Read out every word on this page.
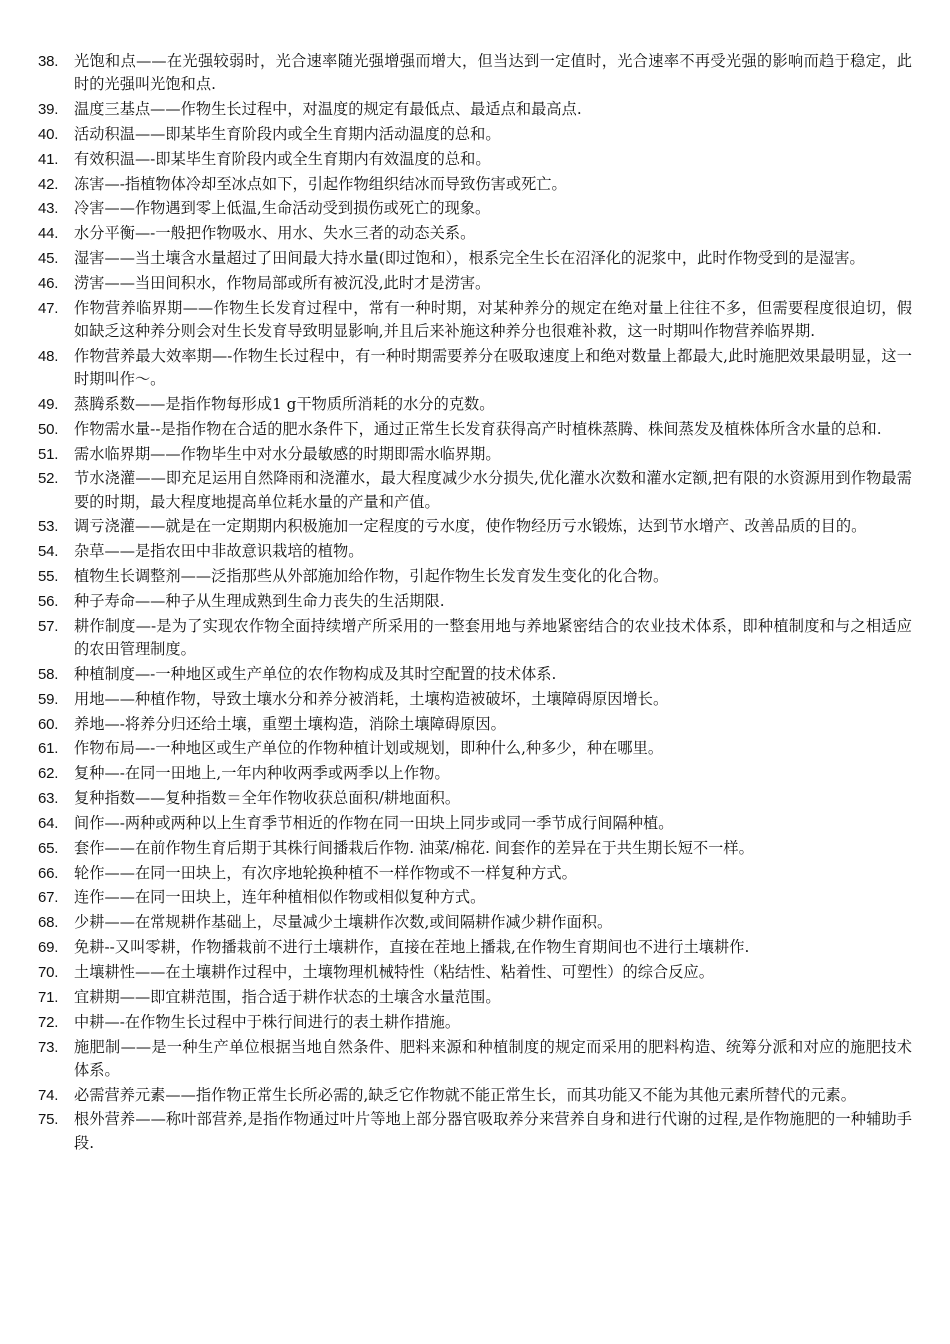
38.	光饱和点——在光强较弱时，光合速率随光强增强而增大，但当达到一定值时，光合速率不再受光强的影响而趋于稳定，此时的光强叫光饱和点.
39.	温度三基点——作物生长过程中，对温度的规定有最低点、最适点和最高点.
40.	活动积温——即某毕生育阶段内或全生育期内活动温度的总和。
41.	有效积温—-即某毕生育阶段内或全生育期内有效温度的总和。
42.	冻害—-指植物体冷却至冰点如下，引起作物组织结冰而导致伤害或死亡。
43.	冷害——作物遇到零上低温,生命活动受到损伤或死亡的现象。
44.	水分平衡—-一般把作物吸水、用水、失水三者的动态关系。
45.	湿害——当土壤含水量超过了田间最大持水量(即过饱和），根系完全生长在沼泽化的泥浆中，此时作物受到的是湿害。
46.	涝害——当田间积水，作物局部或所有被沉没,此时才是涝害。
47.	作物营养临界期——作物生长发育过程中，常有一种时期，对某种养分的规定在绝对量上往往不多，但需要程度很迫切，假如缺乏这种养分则会对生长发育导致明显影响,并且后来补施这种养分也很难补救，这一时期叫作物营养临界期.
48.	作物营养最大效率期—-作物生长过程中，有一种时期需要养分在吸取速度上和绝对数量上都最大,此时施肥效果最明显，这一时期叫作～。
49.	蒸腾系数——是指作物每形成1 g干物质所消耗的水分的克数。
50.	作物需水量--是指作物在合适的肥水条件下，通过正常生长发育获得高产时植株蒸腾、株间蒸发及植株体所含水量的总和.
51.	需水临界期——作物毕生中对水分最敏感的时期即需水临界期。
52.	节水浇灌——即充足运用自然降雨和浇灌水，最大程度减少水分损失,优化灌水次数和灌水定额,把有限的水资源用到作物最需要的时期，最大程度地提高单位耗水量的产量和产值。
53.	调亏浇灌——就是在一定期期内积极施加一定程度的亏水度，使作物经历亏水锻炼，达到节水增产、改善品质的目的。
54.	杂草——是指农田中非故意识栽培的植物。
55.	植物生长调整剂——泛指那些从外部施加给作物，引起作物生长发育发生变化的化合物。
56.	种子寿命——种子从生理成熟到生命力丧失的生活期限.
57.	耕作制度—-是为了实现农作物全面持续增产所采用的一整套用地与养地紧密结合的农业技术体系，即种植制度和与之相适应的农田管理制度。
58.	种植制度—-一种地区或生产单位的农作物构成及其时空配置的技术体系.
59.	用地——种植作物，导致土壤水分和养分被消耗，土壤构造被破坏，土壤障碍原因增长。
60.	养地—-将养分归还给土壤，重塑土壤构造，消除土壤障碍原因。
61.	作物布局—-一种地区或生产单位的作物种植计划或规划，即种什么,种多少，种在哪里。
62.	复种—-在同一田地上,一年内种收两季或两季以上作物。
63.	复种指数——复种指数＝全年作物收获总面积/耕地面积。
64.	间作—-两种或两种以上生育季节相近的作物在同一田块上同步或同一季节成行间隔种植。
65.	套作——在前作物生育后期于其株行间播栽后作物. 油菜/棉花. 间套作的差异在于共生期长短不一样。
66.	轮作——在同一田块上，有次序地轮换种植不一样作物或不一样复种方式。
67.	连作——在同一田块上，连年种植相似作物或相似复种方式。
68.	少耕——在常规耕作基础上，尽量减少土壤耕作次数,或间隔耕作减少耕作面积。
69.	免耕--又叫零耕，作物播栽前不进行土壤耕作，直接在茬地上播栽,在作物生育期间也不进行土壤耕作.
70.	土壤耕性——在土壤耕作过程中，土壤物理机械特性（粘结性、粘着性、可塑性）的综合反应。
71.	宜耕期——即宜耕范围，指合适于耕作状态的土壤含水量范围。
72.	中耕—-在作物生长过程中于株行间进行的表土耕作措施。
73.	施肥制——是一种生产单位根据当地自然条件、肥料来源和种植制度的规定而采用的肥料构造、统筹分派和对应的施肥技术体系。
74.	必需营养元素——指作物正常生长所必需的,缺乏它作物就不能正常生长，而其功能又不能为其他元素所替代的元素。
75.	根外营养——称叶部营养,是指作物通过叶片等地上部分器官吸取养分来营养自身和进行代谢的过程,是作物施肥的一种辅助手段.
